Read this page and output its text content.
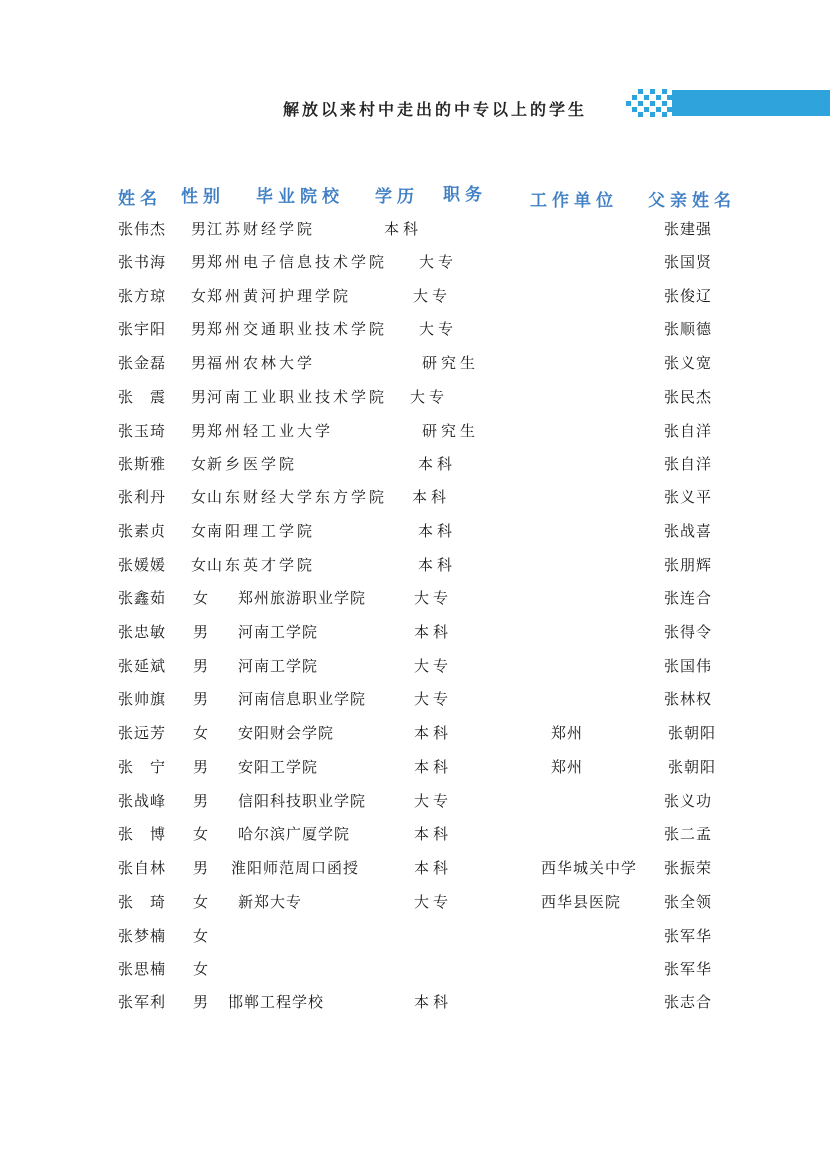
解放以来村中走出的中专以上的学生
姓名 性别 毕业院校 学历 职务	工作单位 父亲姓名
张伟杰 男 江苏财经学院	本科	张建强
张书海 男 郑州电子信息技术学院 大专	张国贤
张方琼 女 郑州黄河护理学院	大专	张俊辽
张宇阳 男 郑州交通职业技术学院 大专	张顺德
张金磊 男 福州农林大学	研究生	张义宽
张　震 男 河南工业职业技术学院 大专	张民杰
张玉琦 男 郑州轻工业大学	研究生	张自洋
张斯雅 女 新乡医学院	本科	张自洋
张利丹 女 山东财经大学东方学院 本科	张义平
张素贞 女 南阳理工学院	本科	张战喜
张媛媛 女 山东英才学院	本科	张朋辉
张鑫茹 女 郑州旅游职业学院	大专	张连合
张忠敏 男 河南工学院	本科	张得令
张延斌 男 河南工学院	大专	张国伟
张帅旗 男 河南信息职业学院	大专	张林权
张远芳 女 安阳财会学院	本科	郑州	张朝阳
张　宁 男 安阳工学院	本科	郑州	张朝阳
张战峰 男 信阳科技职业学院	大专	张义功
张　博 女 哈尔滨广厦学院	本科	张二孟
张自林 男 淮阳师范周口函授	本科	西华城关中学 张振荣
张　琦 女 新郑大专	大专	西华县医院	张全领
张梦楠 女	张军华
张思楠 女	张军华
张军利 男 邯郸工程学校	本科	张志合
